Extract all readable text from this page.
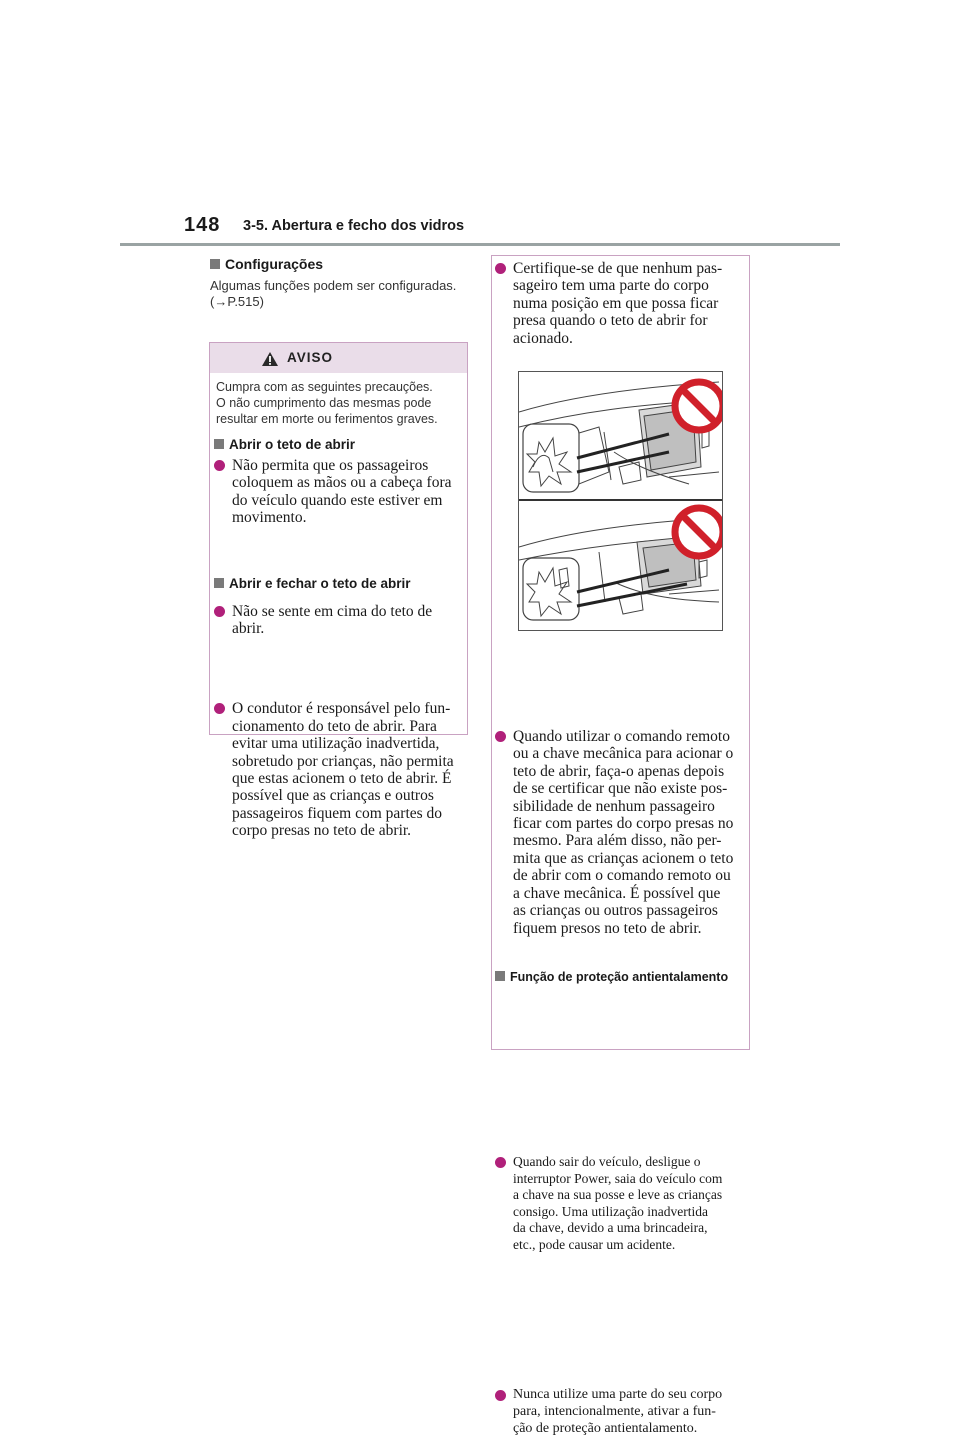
148 3-5. Abertura e fecho dos vidros
Configurações
Algumas funções podem ser configuradas.
(→P.515)
AVISO
Cumpra com as seguintes precauções.
O não cumprimento das mesmas pode
resultar em morte ou ferimentos graves.
Abrir o teto de abrir
Não permita que os passageiros
coloquem as mãos ou a cabeça fora
do veículo quando este estiver em
movimento.
Não se sente em cima do teto de
abrir.
Abrir e fechar o teto de abrir
O condutor é responsável pelo fun-
cionamento do teto de abrir. Para
evitar uma utilização inadvertida,
sobretudo por crianças, não permita
que estas acionem o teto de abrir. É
possível que as crianças e outros
passageiros fiquem com partes do
corpo presas no teto de abrir.
Certifique-se de que nenhum pas-
sageiro tem uma parte do corpo
numa posição em que possa ficar
presa quando o teto de abrir for
acionado.
Quando utilizar o comando remoto
ou a chave mecânica para acionar o
teto de abrir, faça-o apenas depois
de se certificar que não existe pos-
sibilidade de nenhum passageiro
ficar com partes do corpo presas no
mesmo. Para além disso, não per-
mita que as crianças acionem o teto
de abrir com o comando remoto ou
a chave mecânica. É possível que
as crianças ou outros passageiros
fiquem presos no teto de abrir.
Quando sair do veículo, desligue o
interruptor Power, saia do veículo com
a chave na sua posse e leve as crianças
consigo. Uma utilização inadvertida
da chave, devido a uma brincadeira,
etc., pode causar um acidente.
Função de proteção antientalamento
Nunca utilize uma parte do seu corpo
para, intencionalmente, ativar a fun-
ção de proteção antientalamento.
